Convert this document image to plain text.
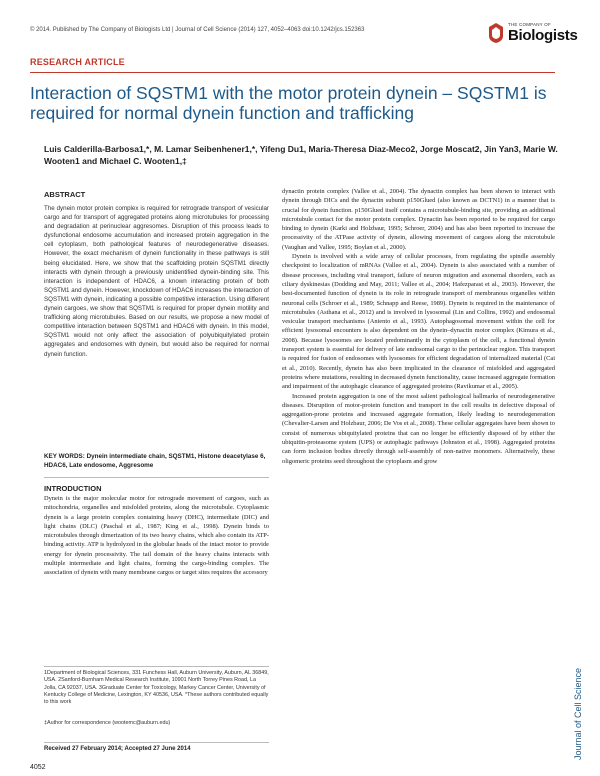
© 2014. Published by The Company of Biologists Ltd | Journal of Cell Science (2014) 127, 4052–4063 doi:10.1242/jcs.152363
THE COMPANY OF
Biologists
RESEARCH ARTICLE
Interaction of SQSTM1 with the motor protein dynein – SQSTM1 is required for normal dynein function and trafficking
Luis Calderilla-Barbosa1,*, M. Lamar Seibenhener1,*, Yifeng Du1, Maria-Theresa Diaz-Meco2, Jorge Moscat2, Jin Yan3, Marie W. Wooten1 and Michael C. Wooten1,‡
ABSTRACT
The dynein motor protein complex is required for retrograde transport of vesicular cargo and for transport of aggregated proteins along microtubules for processing and degradation at perinuclear aggresomes. Disruption of this process leads to dysfunctional endosome accumulation and increased protein aggregation in the cell cytoplasm, both pathological features of neurodegenerative diseases. However, the exact mechanism of dynein functionality in these pathways is still being elucidated. Here, we show that the scaffolding protein SQSTM1 directly interacts with dynein through a previously unidentified dynein-binding site. This interaction is independent of HDAC6, a known interacting protein of both SQSTM1 and dynein. However, knockdown of HDAC6 increases the interaction of SQSTM1 with dynein, indicating a possible competitive interaction. Using different dynein cargoes, we show that SQSTM1 is required for proper dynein motility and trafficking along microtubules. Based on our results, we propose a new model of competitive interaction between SQSTM1 and HDAC6 with dynein. In this model, SQSTM1 would not only affect the association of polyubiquitylated protein aggregates and endosomes with dynein, but would also be required for normal dynein function.
KEY WORDS: Dynein intermediate chain, SQSTM1, Histone deacetylase 6, HDAC6, Late endosome, Aggresome
INTRODUCTION
Dynein is the major molecular motor for retrograde movement of cargoes, such as mitochondria, organelles and misfolded proteins, along the microtubule. Cytoplasmic dynein is a large protein complex containing heavy (DHC), intermediate (DIC) and light chains (DLC) (Paschal et al., 1987; King et al., 1998). Dynein binds to microtubules through dimerization of its two heavy chains, which also contain its ATP-binding activity. ATP is hydrolyzed in the globular heads of the intact motor to provide energy for dynein processivity. The tail domain of the heavy chains interacts with multiple intermediate and light chains, forming the cargo-binding complex. The association of dynein with many membrane cargos or target sites requires the accessory
1Department of Biological Sciences, 331 Funchess Hall, Auburn University, Auburn, AL 36849, USA. 2Sanford-Burnham Medical Research Institute, 10901 North Torrey Pines Road, La Jolla, CA 92037, USA. 3Graduate Center for Toxicology, Markey Cancer Center, University of Kentucky College of Medicine, Lexington, KY 40536, USA. *These authors contributed equally to this work
‡Author for correspondence (wootemc@auburn.edu)
Received 27 February 2014; Accepted 27 June 2014

dynactin protein complex (Vallee et al., 2004). The dynactin complex has been shown to interact with dynein through DICs and the dynactin subunit p150Glued (also known as DCTN1) in a manner that is crucial for dynein function. p150Glued itself contains a microtubule-binding site, providing an additional microtubule contact for the motor protein complex. Dynactin has been reported to be required for cargo binding to dynein (Karki and Holzbaur, 1995; Schroer, 2004) and has also been reported to increase the processivity of the ATPase activity of dynein, allowing movement of cargoes along the microtubule (Vaughan and Vallee, 1995; Boylan et al., 2000).

Dynein is involved with a wide array of cellular processes, from regulating the spindle assembly checkpoint to localization of mRNAs (Vallee et al., 2004). Dynein is also associated with a number of disease processes, including viral transport, failure of neuron migration and axonemal disorders, such as ciliary dyskinesias (Dodding and May, 2011; Vallee et al., 2004; Hafezparast et al., 2003). However, the best-documented function of dynein is its role in retrograde transport of membranous organelles within neuronal cells (Schroer et al., 1989; Schnapp and Reese, 1989). Dynein is required in the maintenance of microtubules (Asthana et al., 2012) and is involved in lysosomal (Lin and Collins, 1992) and endosomal vesicular transport mechanisms (Aniento et al., 1993). Autophagosomal movement within the cell for efficient lysosomal encounters is also dependent on the dynein–dynactin motor complex (Kimura et al., 2008). Because lysosomes are located predominantly in the cytoplasm of the cell, a functional dynein transport system is essential for delivery of late endosomal cargo to the perinuclear region. This transport is required for fusion of endosomes with lysosomes for efficient degradation of internalized material (Cai et al., 2010). Recently, dynein has also been implicated in the clearance of misfolded and aggregated proteins where mutations, resulting in decreased dynein functionality, cause increased aggregate formation and impairment of the autophagic clearance of aggregated proteins (Ravikumar et al., 2005).

Increased protein aggregation is one of the most salient pathological hallmarks of neurodegenerative diseases. Disruption of motor-protein function and transport in the cell results in defective disposal of aggregation-prone proteins and increased aggregate formation, likely leading to neurodegeneration (Chevalier-Larsen and Holzbaur, 2006; De Vos et al., 2008). These cellular aggregates have been shown to consist of numerous ubiquitylated proteins that can no longer be efficiently disposed of by either the ubiquitin-proteasome system (UPS) or autophagic pathways (Johnston et al., 1998). Aggregated proteins can form inclusion bodies directly through self-assembly of non-native monomers. Alternatively, these oligomeric proteins seed throughout the cytoplasm and grow

4052
Journal of Cell Science
